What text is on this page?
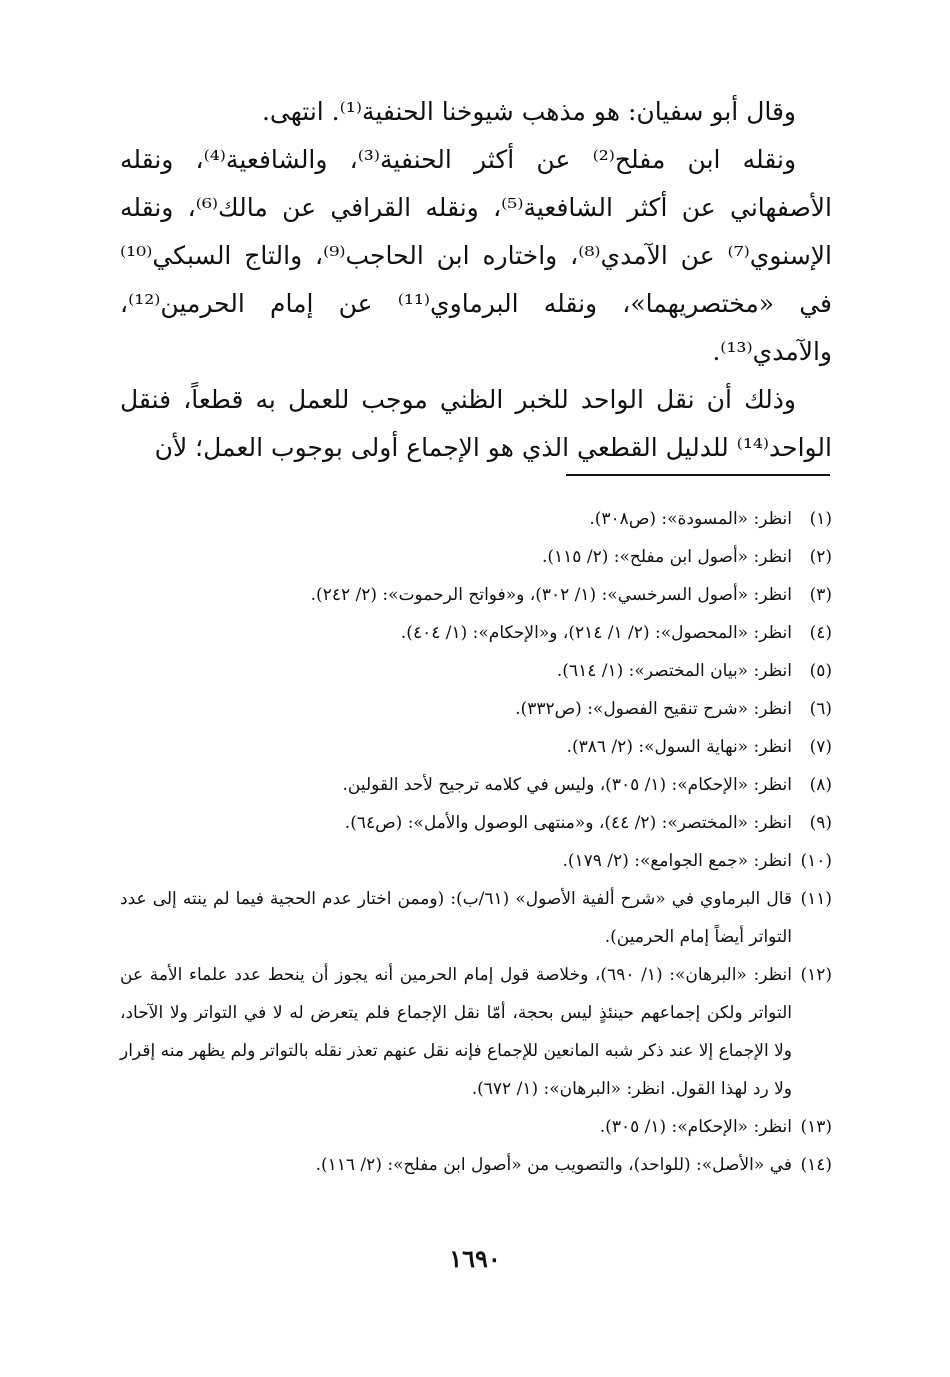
وقال أبو سفيان: هو مذهب شيوخنا الحنفية⁽¹⁾. انتهى.

ونقله ابن مفلح⁽²⁾ عن أكثر الحنفية⁽³⁾، والشافعية⁽⁴⁾، ونقله الأصفهاني عن أكثر الشافعية⁽⁵⁾، ونقله القرافي عن مالك⁽⁶⁾، ونقله الإسنوي⁽⁷⁾ عن الآمدي⁽⁸⁾، واختاره ابن الحاجب⁽⁹⁾، والتاج السبكي⁽¹⁰⁾ في «مختصريهما»، ونقله البرماوي⁽¹¹⁾ عن إمام الحرمين⁽¹²⁾، والآمدي⁽¹³⁾.

وذلك أن نقل الواحد للخبر الظني موجب للعمل به قطعاً، فنقل الواحد⁽¹⁴⁾ للدليل القطعي الذي هو الإجماع أولى بوجوب العمل؛ لأن

(١)
انظر: «المسودة»: (ص٣٠٨).
(٢)
انظر: «أصول ابن مفلح»: (٢/ ١١٥).
(٣)
انظر: «أصول السرخسي»: (١/ ٣٠٢)، و«فواتح الرحموت»: (٢/ ٢٤٢).
(٤)
انظر: «المحصول»: (٢/ ١/ ٢١٤)، و«الإحكام»: (١/ ٤٠٤).
(٥)
انظر: «بيان المختصر»: (١/ ٦١٤).
(٦)
انظر: «شرح تنقيح الفصول»: (ص٣٣٢).
(٧)
انظر: «نهاية السول»: (٢/ ٣٨٦).
(٨)
انظر: «الإحكام»: (١/ ٣٠٥)، وليس في كلامه ترجيح لأحد القولين.
(٩)
انظر: «المختصر»: (٢/ ٤٤)، و«منتهى الوصول والأمل»: (ص٦٤).
(١٠)
انظر: «جمع الجوامع»: (٢/ ١٧٩).
(١١)
قال البرماوي في «شرح ألفية الأصول» (٦١/ب): (وممن اختار عدم الحجية فيما لم ينته إلى عدد التواتر أيضاً إمام الحرمين).
(١٢)
انظر: «البرهان»: (١/ ٦٩٠)، وخلاصة قول إمام الحرمين أنه يجوز أن ينحط عدد علماء الأمة عن التواتر ولكن إجماعهم حينئذٍ ليس بحجة، أمّا نقل الإجماع فلم يتعرض له لا في التواتر ولا الآحاد، ولا الإجماع إلا عند ذكر شبه المانعين للإجماع فإنه نقل عنهم تعذر نقله بالتواتر ولم يظهر منه إقرار ولا رد لهذا القول. انظر: «البرهان»: (١/ ٦٧٢).
(١٣)
انظر: «الإحكام»: (١/ ٣٠٥).
(١٤)
في «الأصل»: (للواحد)، والتصويب من «أصول ابن مفلح»: (٢/ ١١٦).
١٦٩٠
